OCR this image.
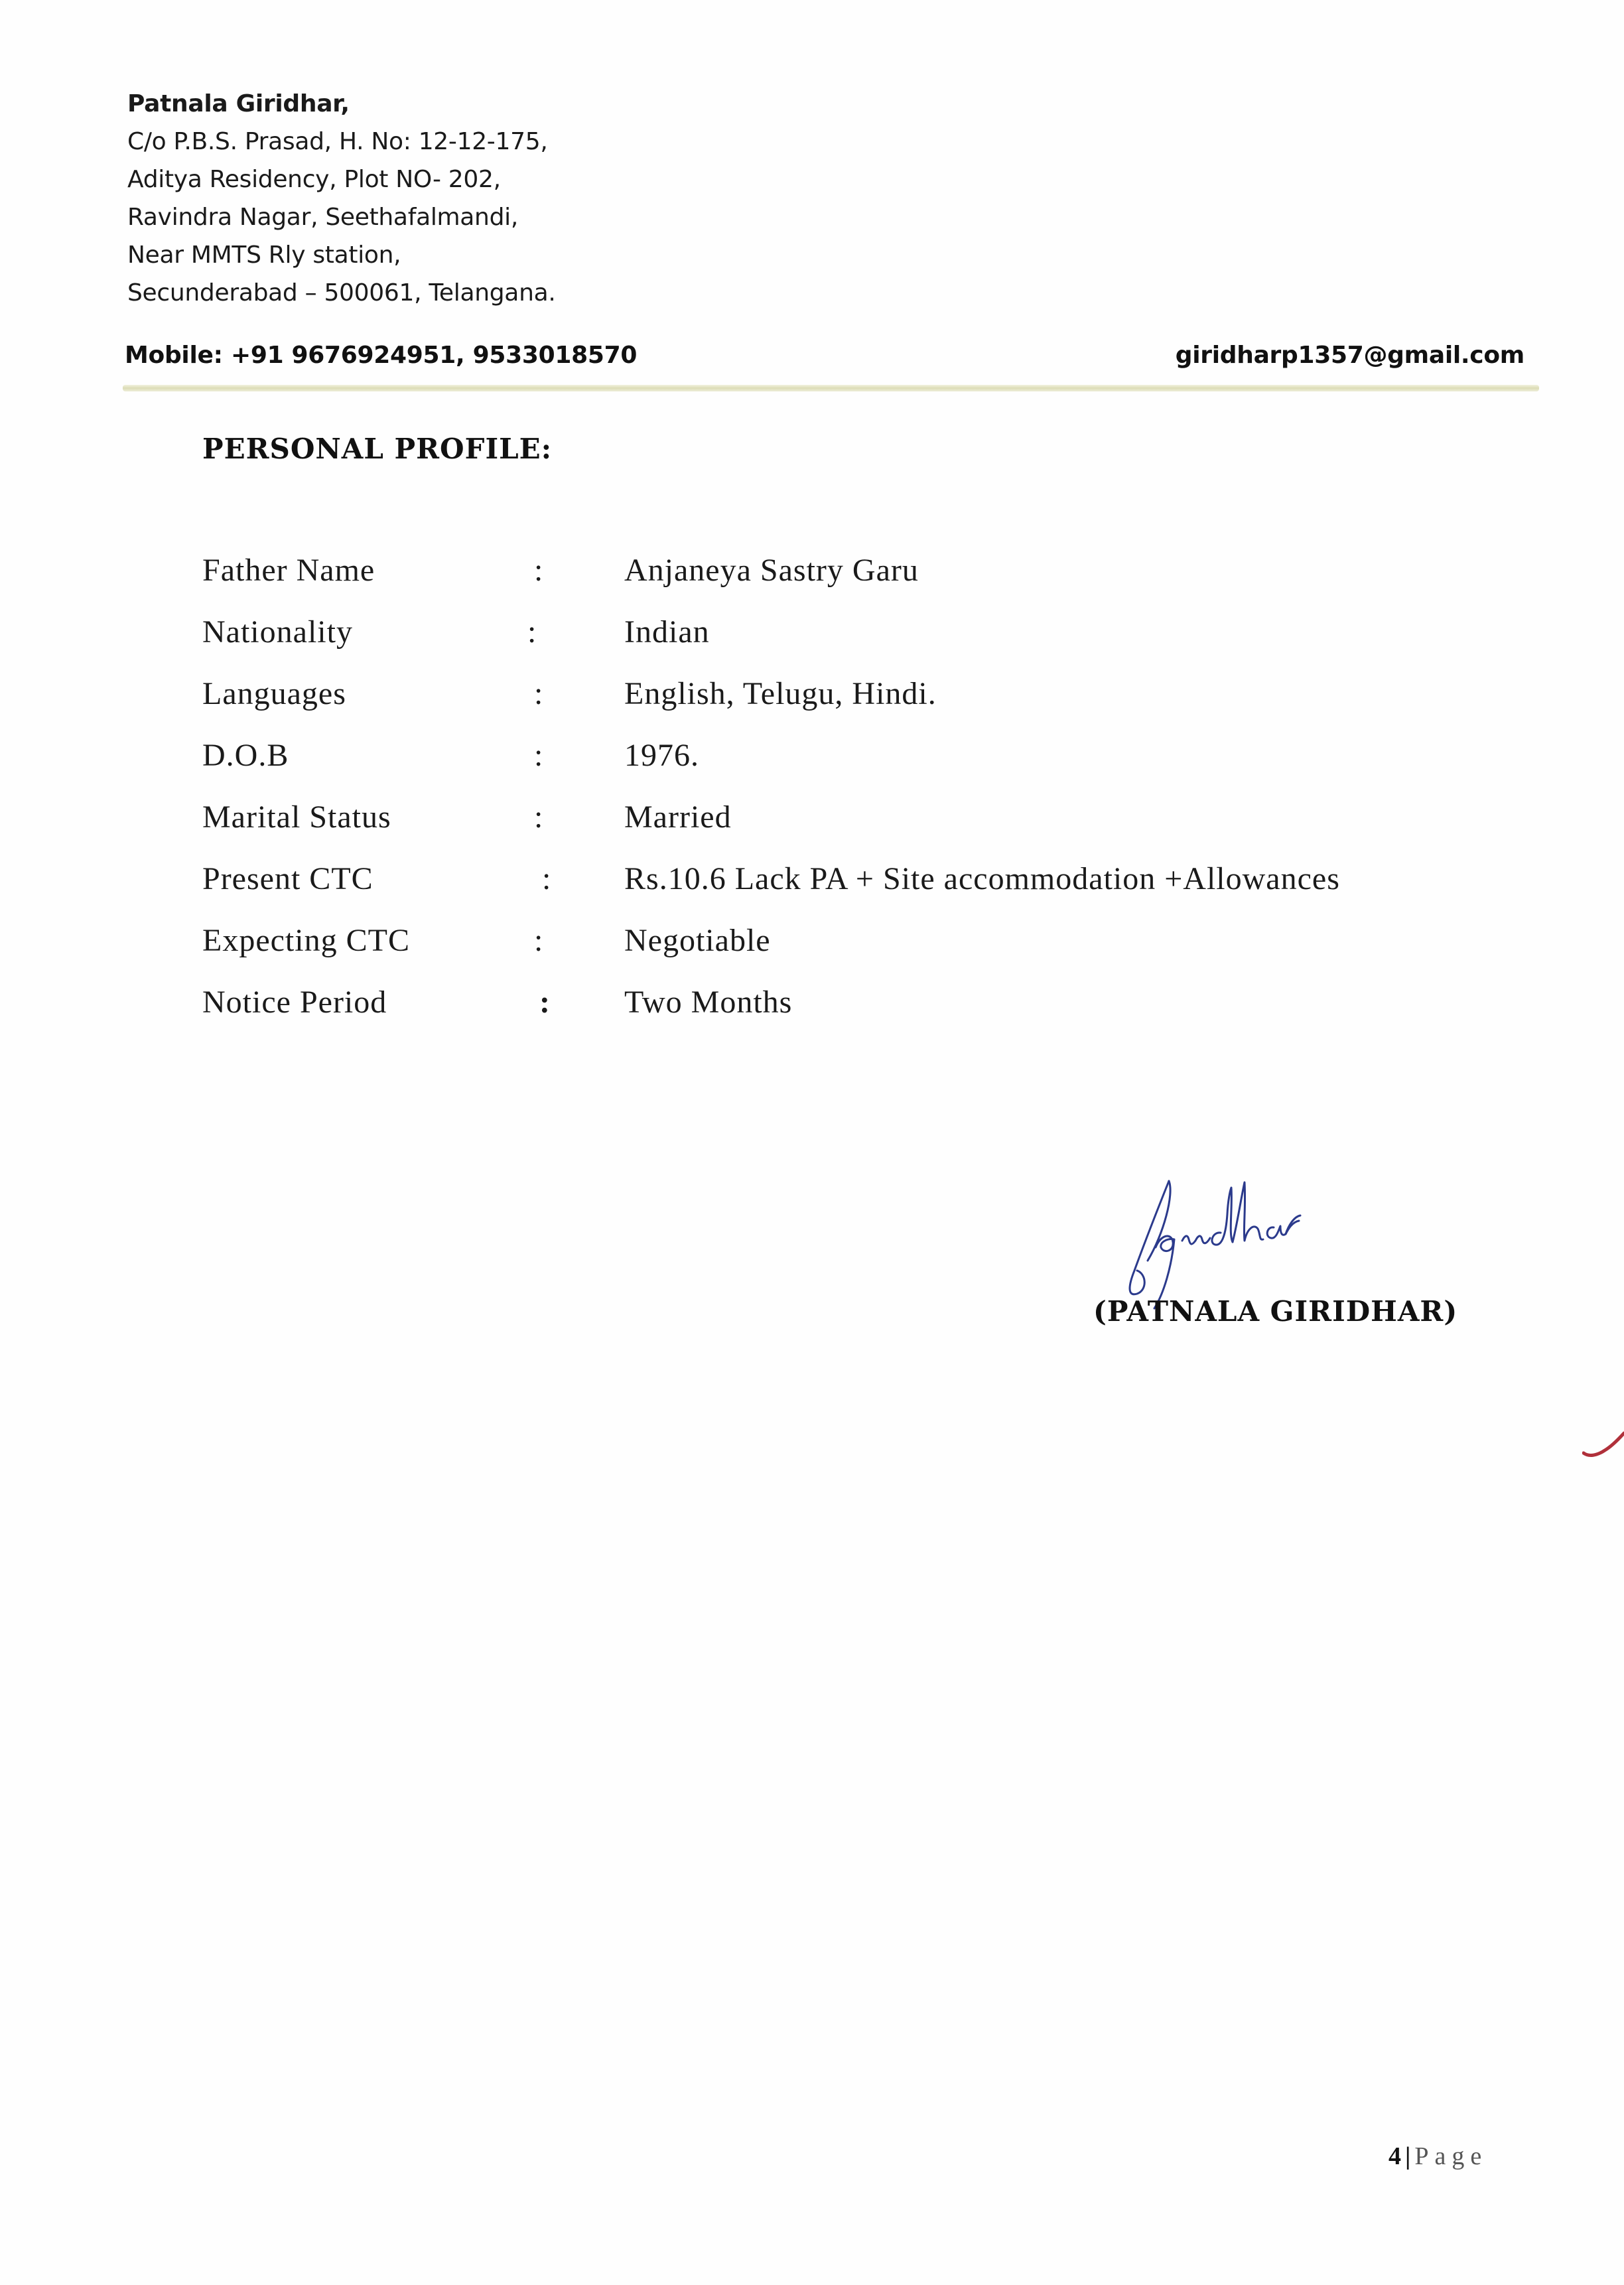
Patnala Giridhar,
C/o P.B.S. Prasad, H. No: 12-12-175,
Aditya Residency, Plot NO- 202,
Ravindra Nagar, Seethafalmandi,
Near MMTS Rly station,
Secunderabad – 500061, Telangana.
Mobile: +91 9676924951, 9533018570	giridharp1357@gmail.com
PERSONAL PROFILE:
Father Name	:	Anjaneya Sastry Garu
Nationality	:	Indian
Languages	:	English, Telugu, Hindi.
D.O.B	:	1976.
Marital Status	:	Married
Present CTC	: Rs.10.6 Lack PA + Site accommodation +Allowances
Expecting CTC	:	Negotiable
Notice Period	: Two Months
(PATNALA GIRIDHAR)
4 | Page
